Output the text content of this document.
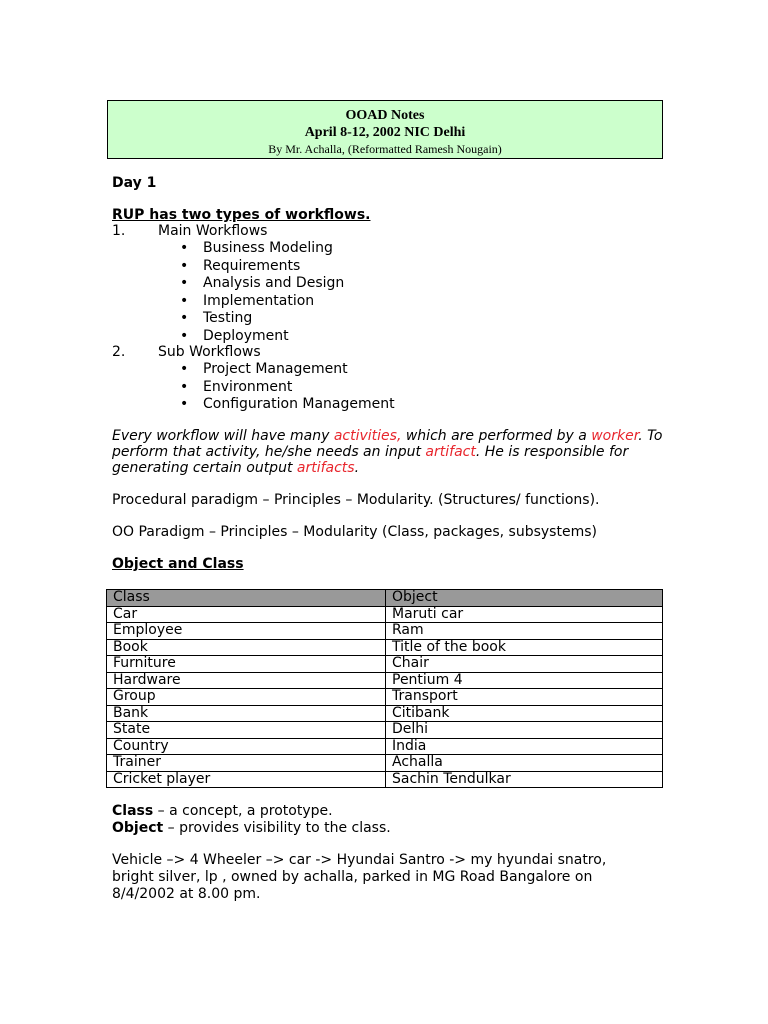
OOAD Notes
April 8-12, 2002 NIC Delhi
By Mr. Achalla, (Reformatted Ramesh Nougain)
Day 1
RUP has two types of workflows.
1. Main Workflows
• Business Modeling
• Requirements
• Analysis and Design
• Implementation
• Testing
• Deployment
2. Sub Workflows
• Project Management
• Environment
• Configuration Management
Every workflow will have many activities, which are performed by a worker. To perform that activity, he/she needs an input artifact. He is responsible for generating certain output artifacts.
Procedural paradigm – Principles – Modularity. (Structures/ functions).
OO Paradigm – Principles – Modularity (Class, packages, subsystems)
Object and Class
Class	Object
Car	Maruti car
Employee	Ram
Book	Title of the book
Furniture	Chair
Hardware	Pentium 4
Group	Transport
Bank	Citibank
State	Delhi
Country	India
Trainer	Achalla
Cricket player	Sachin Tendulkar
Class – a concept, a prototype.
Object – provides visibility to the class.
Vehicle –> 4 Wheeler –> car -> Hyundai Santro -> my hyundai snatro, bright silver, lp , owned by achalla, parked in MG Road Bangalore on 8/4/2002 at 8.00 pm.
